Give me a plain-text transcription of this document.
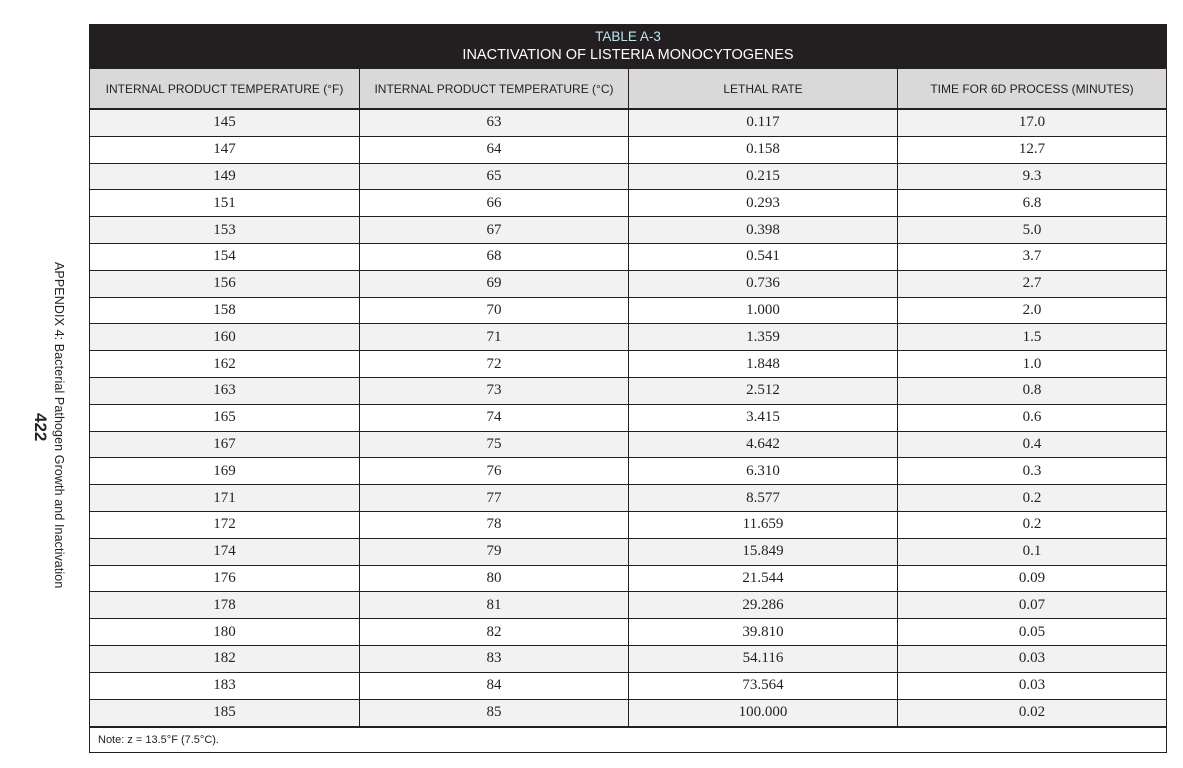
APPENDIX 4: Bacterial Pathogen Growth and Inactivation
422
TABLE A-3
INACTIVATION OF LISTERIA MONOCYTOGENES
INTERNAL PRODUCT TEMPERATURE (°F)	INTERNAL PRODUCT TEMPERATURE (°C)	LETHAL RATE	TIME FOR 6D PROCESS (MINUTES)
145	63	0.117	17.0
147	64	0.158	12.7
149	65	0.215	9.3
151	66	0.293	6.8
153	67	0.398	5.0
154	68	0.541	3.7
156	69	0.736	2.7
158	70	1.000	2.0
160	71	1.359	1.5
162	72	1.848	1.0
163	73	2.512	0.8
165	74	3.415	0.6
167	75	4.642	0.4
169	76	6.310	0.3
171	77	8.577	0.2
172	78	11.659	0.2
174	79	15.849	0.1
176	80	21.544	0.09
178	81	29.286	0.07
180	82	39.810	0.05
182	83	54.116	0.03
183	84	73.564	0.03
185	85	100.000	0.02
Note: z = 13.5°F (7.5°C).
